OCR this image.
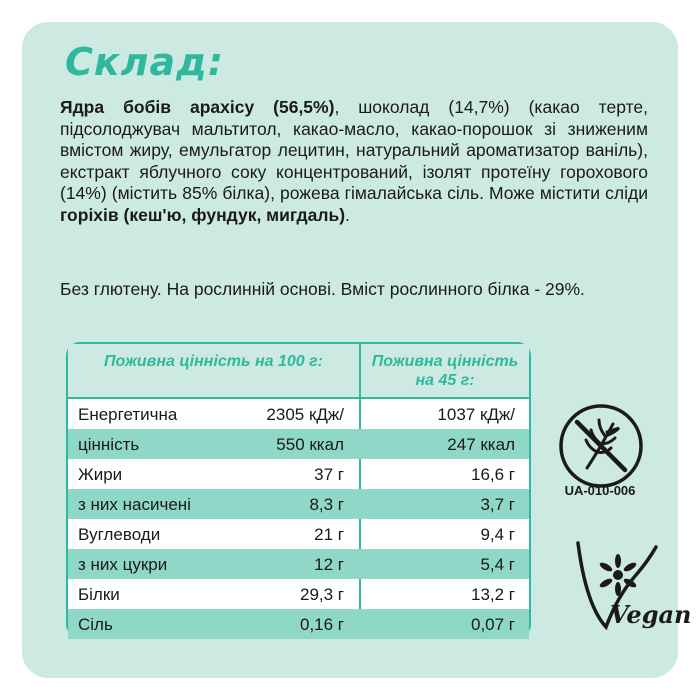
Склад:

Ядра бобів арахісу (56,5%), шоколад (14,7%) (какао терте, підсолоджувач мальтитол, какао-масло, какао-порошок зі зниженим вмістом жиру, емульгатор лецитин, натуральний ароматизатор ваніль), екстракт яблучного соку концентрований, ізолят протеїну горохового (14%) (містить 85% білка), рожева гімалайська сіль. Може містити сліди горіхів (кеш'ю, фундук, мигдаль).

Без глютену. На рослинній основі. Вміст рослинного білка - 29%.

Поживна цінність на 100 г:	Поживна цінність на 45 г:
Енергетична	2305 кДж/	1037 кДж/
цінність	550 ккал	247 ккал
Жири	37 г	16,6 г
з них насичені	8,3 г	3,7 г
Вуглеводи	21 г	9,4 г
з них цукри	12 г	5,4 г
Білки	29,3 г	13,2 г
Сіль	0,16 г	0,07 г
UA-010-006
Vegan
